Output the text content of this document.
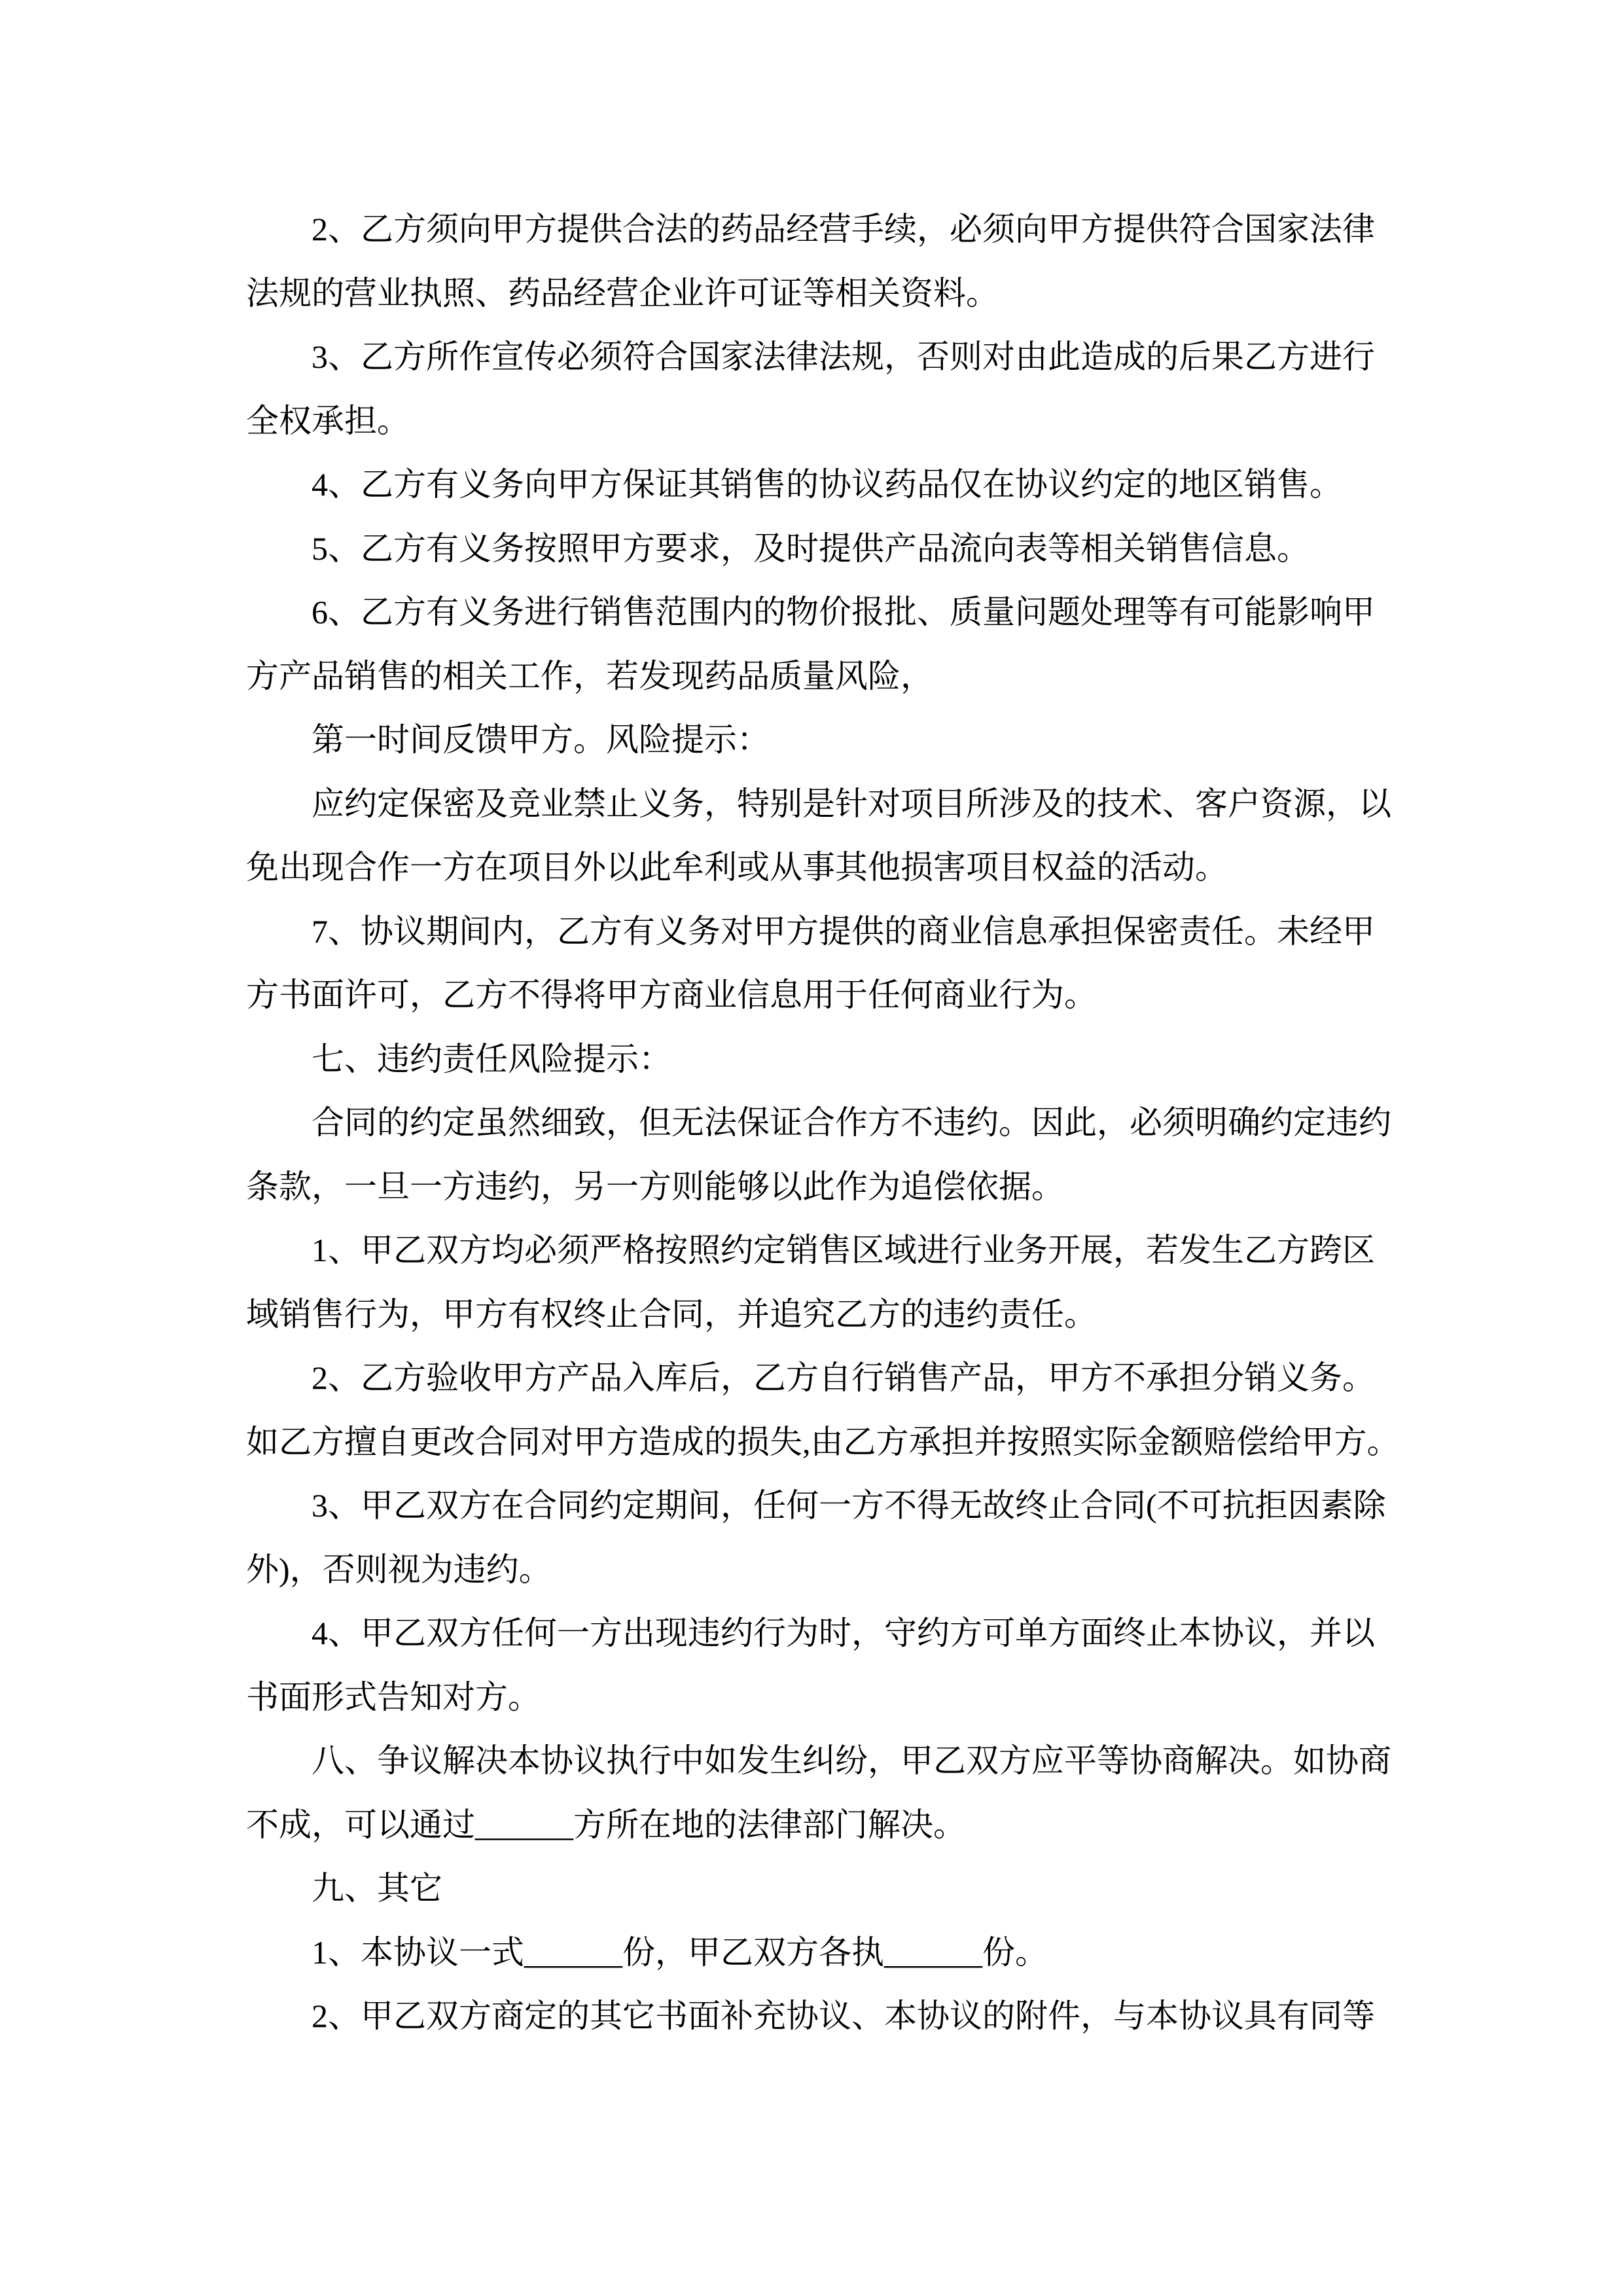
2、乙方须向甲方提供合法的药品经营手续，必须向甲方提供符合国家法律
法规的营业执照、药品经营企业许可证等相关资料。
3、乙方所作宣传必须符合国家法律法规，否则对由此造成的后果乙方进行
全权承担。
4、乙方有义务向甲方保证其销售的协议药品仅在协议约定的地区销售。
5、乙方有义务按照甲方要求，及时提供产品流向表等相关销售信息。
6、乙方有义务进行销售范围内的物价报批、质量问题处理等有可能影响甲
方产品销售的相关工作，若发现药品质量风险，
第一时间反馈甲方。风险提示：
应约定保密及竞业禁止义务，特别是针对项目所涉及的技术、客户资源，以
免出现合作一方在项目外以此牟利或从事其他损害项目权益的活动。
7、协议期间内，乙方有义务对甲方提供的商业信息承担保密责任。未经甲
方书面许可，乙方不得将甲方商业信息用于任何商业行为。
七、违约责任风险提示：
合同的约定虽然细致，但无法保证合作方不违约。因此，必须明确约定违约
条款，一旦一方违约，另一方则能够以此作为追偿依据。
1、甲乙双方均必须严格按照约定销售区域进行业务开展，若发生乙方跨区
域销售行为，甲方有权终止合同，并追究乙方的违约责任。
2、乙方验收甲方产品入库后，乙方自行销售产品，甲方不承担分销义务。
如乙方擅自更改合同对甲方造成的损失,由乙方承担并按照实际金额赔偿给甲方。
3、甲乙双方在合同约定期间，任何一方不得无故终止合同(不可抗拒因素除
外)，否则视为违约。
4、甲乙双方任何一方出现违约行为时，守约方可单方面终止本协议，并以
书面形式告知对方。
八、争议解决本协议执行中如发生纠纷，甲乙双方应平等协商解决。如协商
不成，可以通过______方所在地的法律部门解决。
九、其它
1、本协议一式______份，甲乙双方各执______份。
2、甲乙双方商定的其它书面补充协议、本协议的附件，与本协议具有同等
